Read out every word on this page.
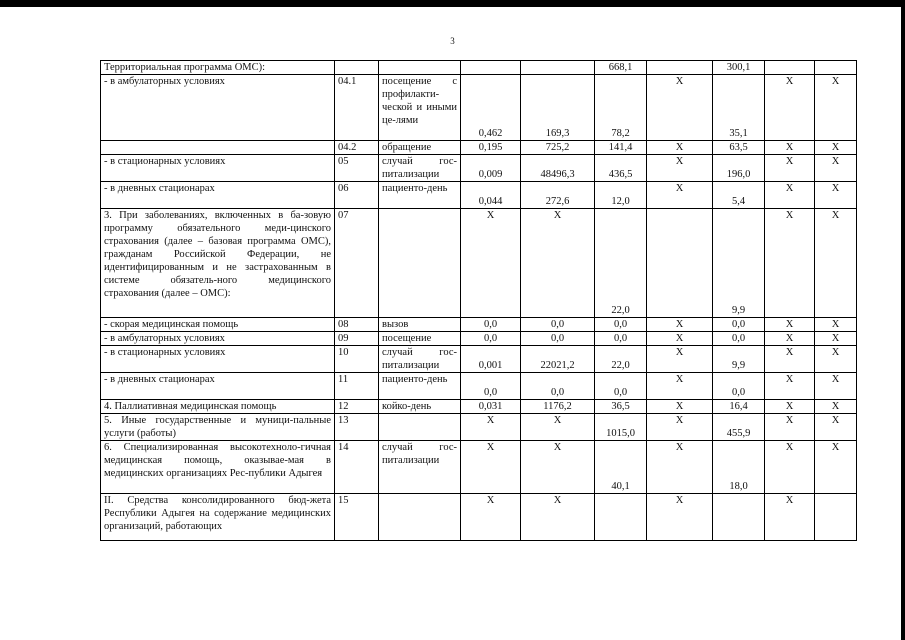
3
Территориальная программа ОМС):					668,1		300,1		
- в амбулаторных условиях	04.1	посещение с профилакти-ческой и иными це-лями	0,462	169,3	78,2	X	35,1	X	X
	04.2	обращение	0,195	725,2	141,4	X	63,5	X	X
- в стационарных условиях	05	случай гос-питализации	0,009	48496,3	436,5	X	196,0	X	X
- в дневных стационарах	06	пациенто-день	0,044	272,6	12,0	X	5,4	X	X
3. При заболеваниях, включенных в ба-зовую программу обязательного меди-цинского страхования (далее – базовая программа ОМС), гражданам Российской Федерации, не идентифицированным и не застрахованным в системе обязатель-ного медицинского страхования (далее – ОМС):	07		X	X	22,0		9,9	X	X
- скорая медицинская помощь	08	вызов	0,0	0,0	0,0	X	0,0	X	X
- в амбулаторных условиях	09	посещение	0,0	0,0	0,0	X	0,0	X	X
- в стационарных условиях	10	случай гос-питализации	0,001	22021,2	22,0	X	9,9	X	X
- в дневных стационарах	11	пациенто-день	0,0	0,0	0,0	X	0,0	X	X
4. Паллиативная медицинская помощь	12	койко-день	0,031	1176,2	36,5	X	16,4	X	X
5. Иные государственные и муници-пальные услуги (работы)	13		X	X	1015,0	X	455,9	X	X
6. Специализированная высокотехноло-гичная медицинская помощь, оказывае-мая в медицинских организациях Рес-публики Адыгея	14	случай гос-питализации	X	X	40,1	X	18,0	X	X
II. Средства консолидированного бюд-жета Республики Адыгея на содержание медицинских организаций, работающих	15		X	X		X		X	
